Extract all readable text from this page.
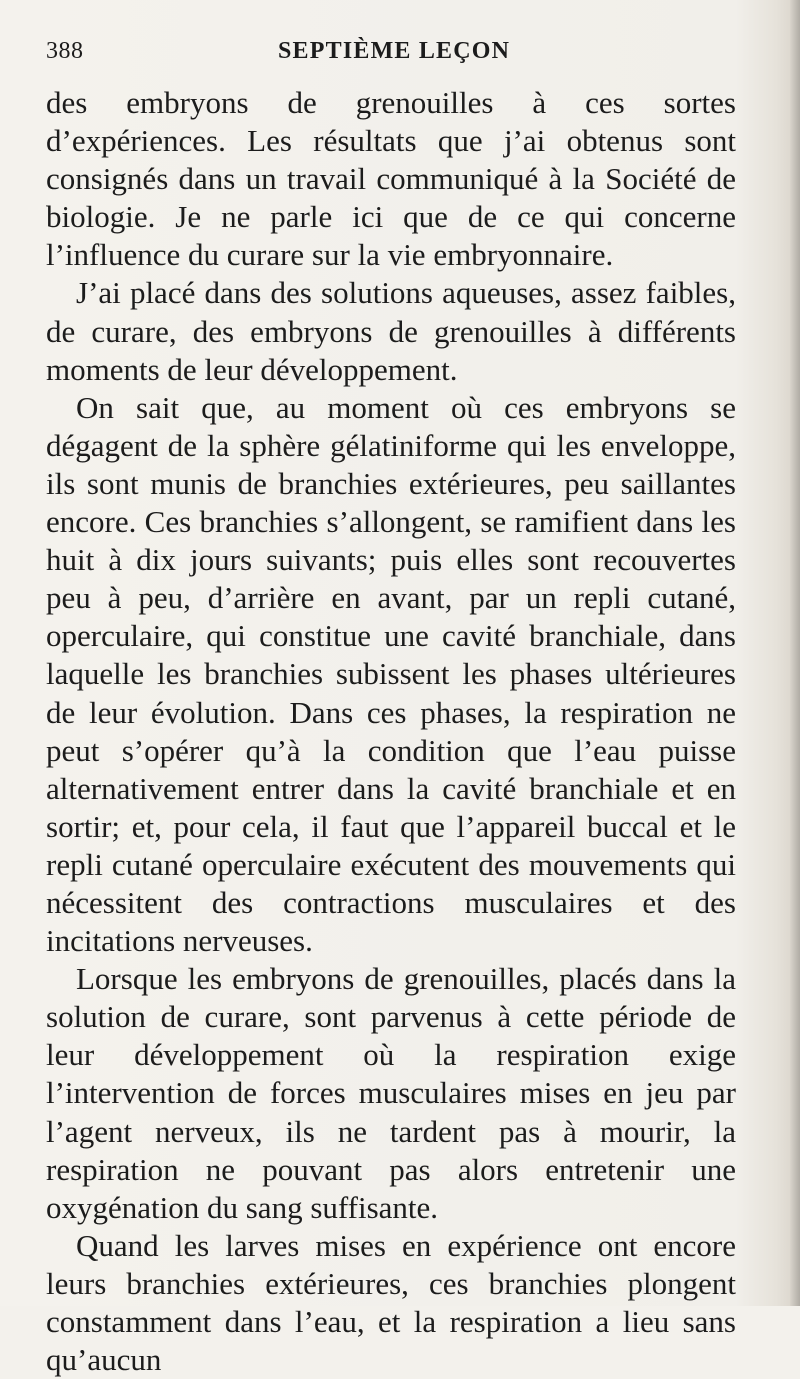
388	SEPTIÈME LEÇON

des embryons de grenouilles à ces sortes d’expériences. Les résultats que j’ai obtenus sont consignés dans un travail communiqué à la Société de biologie. Je ne parle ici que de ce qui concerne l’influence du curare sur la vie embryonnaire.

J’ai placé dans des solutions aqueuses, assez faibles, de curare, des embryons de grenouilles à différents moments de leur développement.

On sait que, au moment où ces embryons se dégagent de la sphère gélatiniforme qui les enveloppe, ils sont munis de branchies extérieures, peu saillantes encore. Ces branchies s’allongent, se ramifient dans les huit à dix jours suivants; puis elles sont recouvertes peu à peu, d’arrière en avant, par un repli cutané, operculaire, qui constitue une cavité branchiale, dans laquelle les branchies subissent les phases ultérieures de leur évolution. Dans ces phases, la respiration ne peut s’opérer qu’à la condition que l’eau puisse alternativement entrer dans la cavité branchiale et en sortir; et, pour cela, il faut que l’appareil buccal et le repli cutané operculaire exécutent des mouvements qui nécessitent des contractions musculaires et des incitations nerveuses.

Lorsque les embryons de grenouilles, placés dans la solution de curare, sont parvenus à cette période de leur développement où la respiration exige l’intervention de forces musculaires mises en jeu par l’agent nerveux, ils ne tardent pas à mourir, la respiration ne pouvant pas alors entretenir une oxygénation du sang suffisante.

Quand les larves mises en expérience ont encore leurs branchies extérieures, ces branchies plongent constamment dans l’eau, et la respiration a lieu sans qu’aucun
